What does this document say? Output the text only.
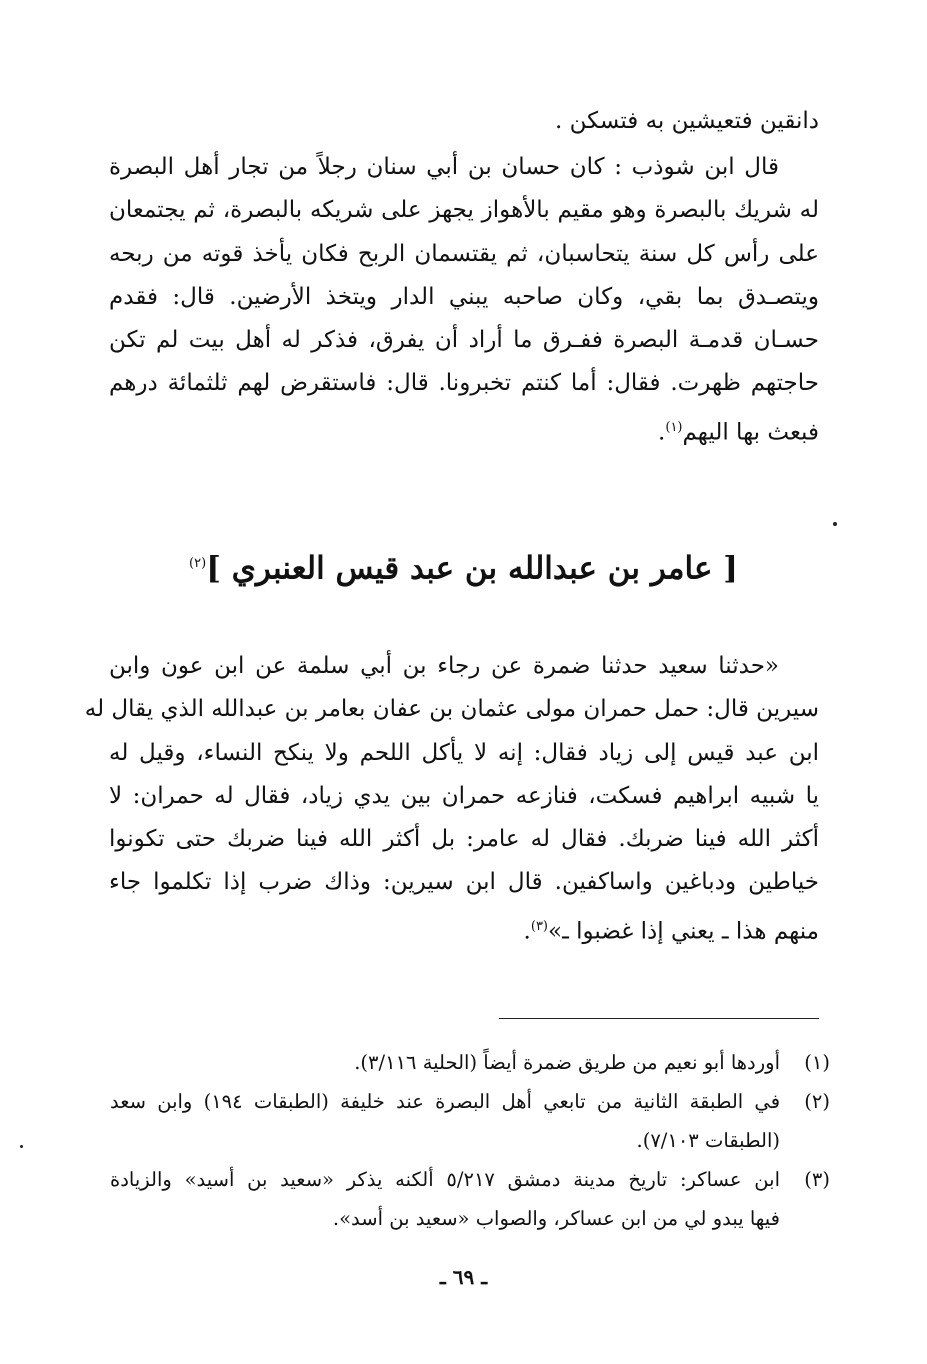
دانقين فتعيشين به فتسكن .
قال ابن شوذب : كان حسان بن أبي سنان رجلاً من تجار أهل البصرة
له شريك بالبصرة وهو مقيم بالأهواز يجهز على شريكه بالبصرة، ثم يجتمعان
على رأس كل سنة يتحاسبان، ثم يقتسمان الربح فكان يأخذ قوته من ربحه
ويتصـدق بما بقي، وكان صاحبه يبني الدار ويتخذ الأرضين. قال: فقدم
حسـان قدمـة البصرة ففـرق ما أراد أن يفرق، فذكر له أهل بيت لم تكن
حاجتهم ظهرت. فقال: أما كنتم تخبرونا. قال: فاستقرض لهم ثلثمائة درهم
فبعث بها اليهم$^{(١)}$.
[ عامر بن عبدالله بن عبد قيس العنبري ]$^{(٢)}$
«حدثنا سعيد حدثنا ضمرة عن رجاء بن أبي سلمة عن ابن عون وابن
سيرين قال: حمل حمران مولى عثمان بن عفان بعامر بن عبدالله الذي يقال له
ابن عبد قيس إلى زياد فقال: إنه لا يأكل اللحم ولا ينكح النساء، وقيل له
يا شبيه ابراهيم فسكت، فنازعه حمران بين يدي زياد، فقال له حمران: لا
أكثر الله فينا ضربك. فقال له عامر: بل أكثر الله فينا ضربك حتى تكونوا
خياطين ودباغين واساكفين. قال ابن سيرين: وذاك ضرب إذا تكلموا جاء
منهم هذا ـ يعني إذا غضبوا ـ»$^{(٣)}$.
(١)
أوردها أبو نعيم من طريق ضمرة أيضاً (الحلية ٣/١١٦).
(٢)
في الطبقة الثانية من تابعي أهل البصرة عند خليفة (الطبقات ١٩٤) وابن سعد
(الطبقات ٧/١٠٣).
(٣)
ابن عساكر: تاريخ مدينة دمشق ٥/٢١٧ ألكنه يذكر «سعيد بن أسيد» والزيادة
فيها يبدو لي من ابن عساكر، والصواب «سعيد بن أسد».
ـ ٦٩ ـ
